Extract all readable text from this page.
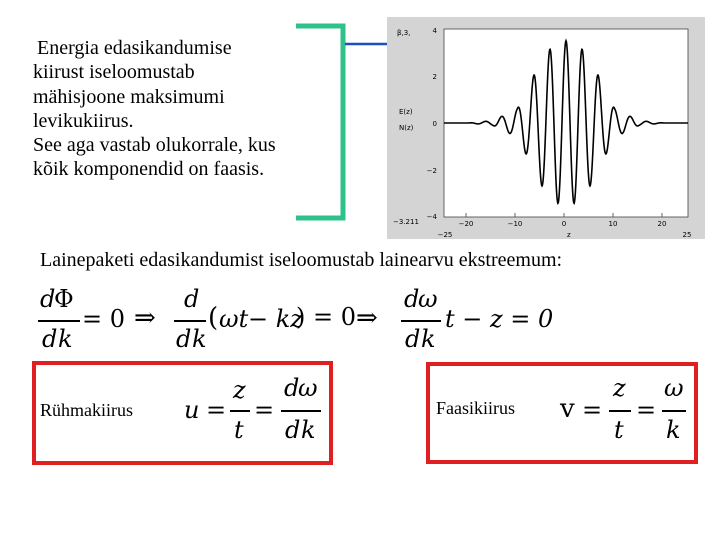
Energia edasikandumise
kiirust iseloomustab
mähisjoone maksimumi
levikukiirus.
See aga vastab olukorrale, kus
kõik komponendid on faasis.
β,3,
−3.211
E(z)
N(z)
4
2
0
−2
−4
−20	−10	0	10	20
−25	25
z
Lainepaketi edasikandumist iseloomustab lainearvu ekstreemum:
d
Φ
d k
= 0 ⇒
d
d k
( ωt − kz
) = 0 ⇒
d
ω
d k
t − z = 0
Rühmakiirus u =
z
t
=
d
ω
d k
Faasikiirus v =
z
t
=
ω
k
